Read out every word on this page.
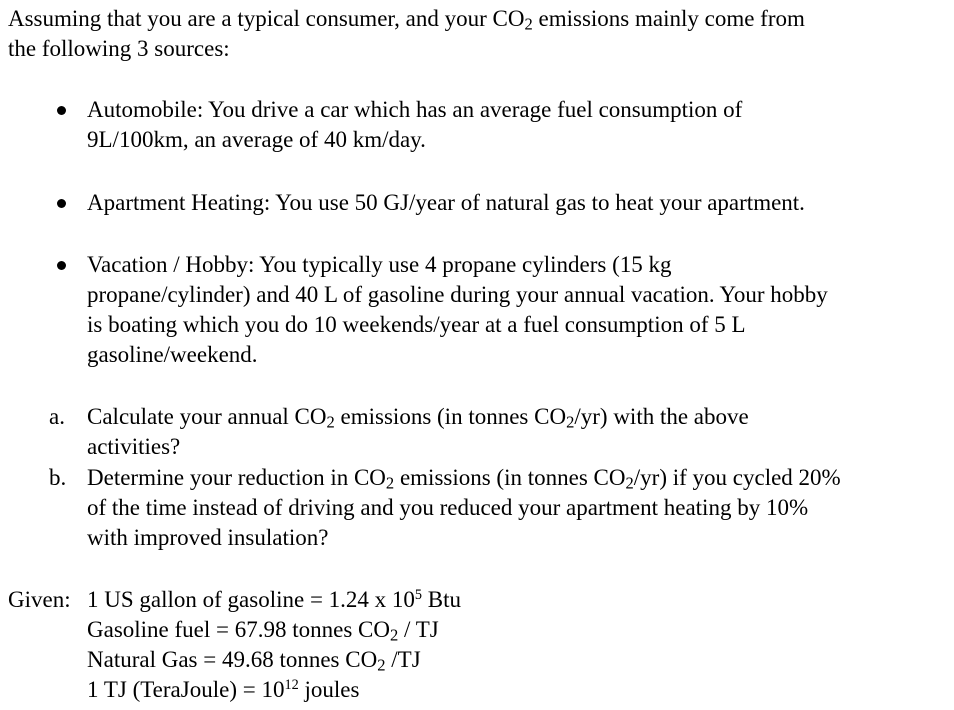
Assuming that you are a typical consumer, and your $CO_2$ emissions mainly come from
the following 3 sources:
Automobile: You drive a car which has an average fuel consumption of
9L/100km, an average of 40 km/day.
Apartment Heating: You use 50 GJ/year of natural gas to heat your apartment.
Vacation / Hobby: You typically use 4 propane cylinders (15 kg
propane/cylinder) and 40 L of gasoline during your annual vacation. Your hobby
is boating which you do 10 weekends/year at a fuel consumption of 5 L
gasoline/weekend.
a. Calculate your annual $CO_2$ emissions (in tonnes $CO_2/yr$) with the above
activities?
b. Determine your reduction in $CO_2$ emissions (in tonnes $CO_2/yr$) if you cycled 20%
of the time instead of driving and you reduced your apartment heating by 10%
with improved insulation?
Given: 1 US gallon of gasoline = 1.24 x $10^5$ Btu
Gasoline fuel = 67.98 tonnes $CO_2$ / TJ
Natural Gas = 49.68 tonnes $CO_2$ /TJ
1 TJ (TeraJoule) = $10^{12}$ joules
